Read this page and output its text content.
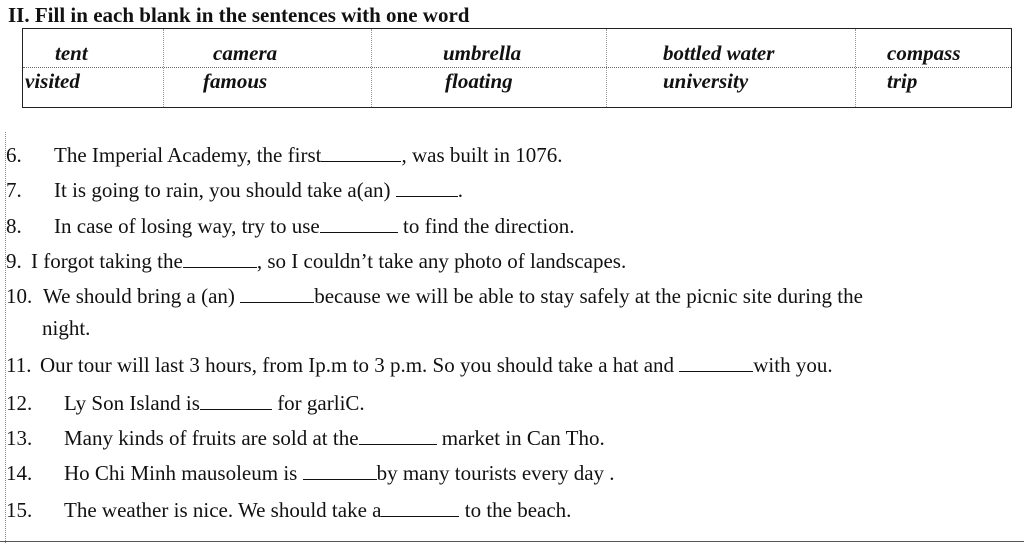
II. Fill in each blank in the sentences with one word
tent	camera	umbrella	bottled water	compass
visited	famous	floating	university	trip
6. The Imperial Academy, the first	, was built in 1076.
7. It is going to rain, you should take a(an)	.
8. In case of losing way, try to use	to find the direction.
9. I forgot taking the	, so I couldn’t take any photo of landscapes.
10. We should bring a (an)	because we will be able to stay safely at the picnic site during the
night.
11. Our tour will last 3 hours, from Ip.m to 3 p.m. So you should take a hat and	with you.
12. Ly Son Island is	for garliC.
13. Many kinds of fruits are sold at the	market in Can Tho.
14. Ho Chi Minh mausoleum is	by many tourists every day .
15. The weather is nice. We should take a	to the beach.
